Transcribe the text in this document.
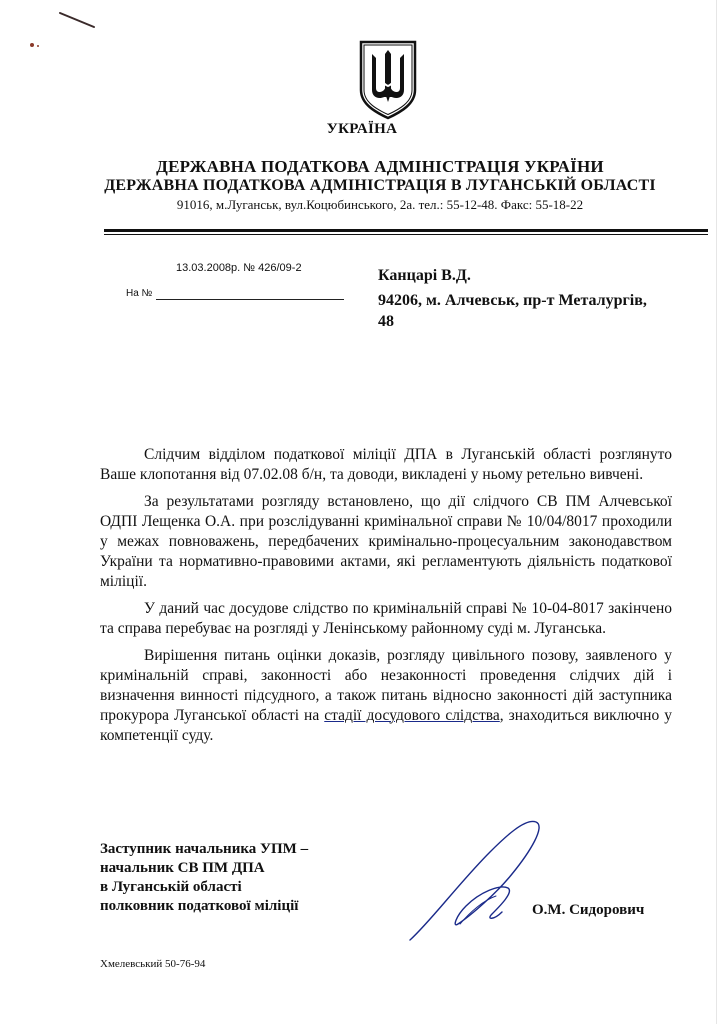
УКРАЇНА
ДЕРЖАВНА ПОДАТКОВА АДМІНІСТРАЦІЯ УКРАЇНИ
ДЕРЖАВНА ПОДАТКОВА АДМІНІСТРАЦІЯ В ЛУГАНСЬКІЙ ОБЛАСТІ
91016, м.Луганськ, вул.Коцюбинського, 2а. тел.: 55-12-48. Факс: 55-18-22
13.03.2008р. № 426/09-2
На №
Канцарі В.Д.
94206, м. Алчевськ, пр-т Металургів,
48

Слідчим відділом податкової міліції ДПА в Луганській області розглянуто Ваше клопотання від 07.02.08 б/н, та доводи, викладені у ньому ретельно вивчені.

За результатами розгляду встановлено, що дії слідчого СВ ПМ Алчевської ОДПІ Лещенка О.А. при розслідуванні кримінальної справи № 10/04/8017 проходили у межах повноважень, передбачених кримінально-процесуальним законодавством України та нормативно-правовими актами, які регламентують діяльність податкової міліції.

У даний час досудове слідство по кримінальній справі № 10-04-8017 закінчено та справа перебуває на розгляді у Ленінському районному суді м. Луганська.

Вирішення питань оцінки доказів, розгляду цивільного позову, заявленого у кримінальній справі, законності або незаконності проведення слідчих дій і визначення винності підсудного, а також питань відносно законності дій заступника прокурора Луганської області на стадії досудового слідства, знаходиться виключно у компетенції суду.

Заступник начальника УПМ –
начальник СВ ПМ ДПА
в Луганській області
полковник податкової міліції	О.М. Сидорович
Хмелевський 50-76-94
